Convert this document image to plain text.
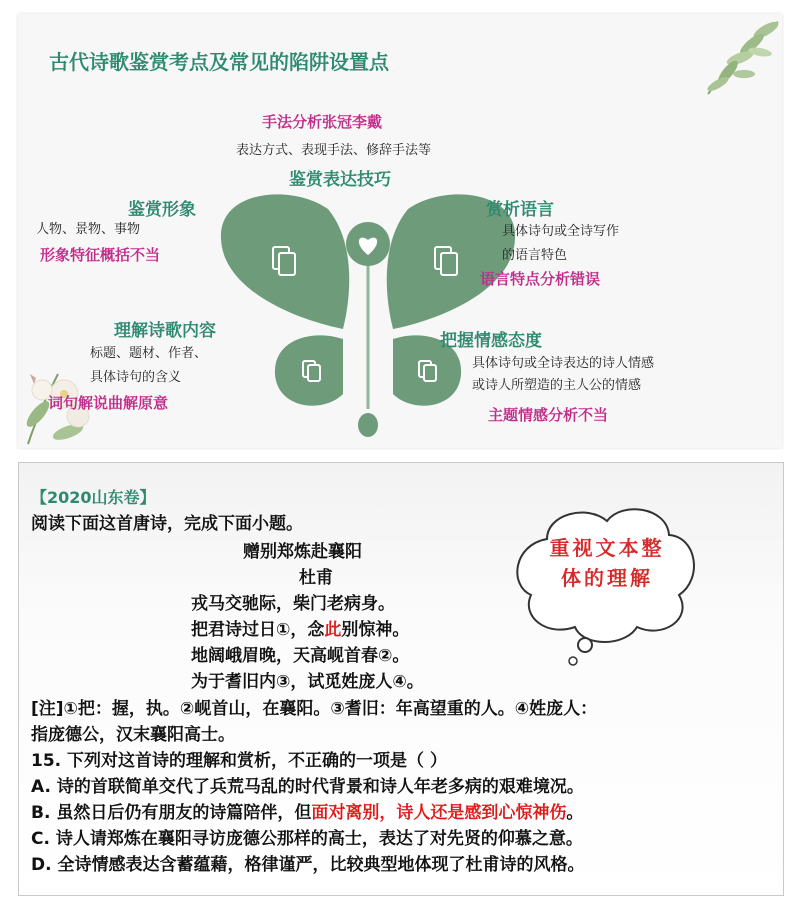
古代诗歌鉴赏考点及常见的陷阱设置点
手法分析张冠李戴
表达方式、表现手法、修辞手法等
鉴赏表达技巧
鉴赏形象
人物、景物、事物
形象特征概括不当
赏析语言
具体诗句或全诗写作
的语言特色
语言特点分析错误
理解诗歌内容
标题、题材、作者、
具体诗句的含义
词句解说曲解原意
把握情感态度
具体诗句或全诗表达的诗人情感
或诗人所塑造的主人公的情感
主题情感分析不当
【2020山东卷】
阅读下面这首唐诗，完成下面小题。
赠别郑炼赴襄阳
杜甫
戎马交驰际，柴门老病身。
把君诗过日①，念此别惊神。
地阔峨眉晚，天高岘首春②。
为于耆旧内③，试觅姓庞人④。
[注]①把：握，执。②岘首山，在襄阳。③耆旧：年高望重的人。④姓庞人：
指庞德公，汉末襄阳高士。
15. 下列对这首诗的理解和赏析，不正确的一项是（ ）
A. 诗的首联简单交代了兵荒马乱的时代背景和诗人年老多病的艰难境况。
B. 虽然日后仍有朋友的诗篇陪伴，但面对离别，诗人还是感到心惊神伤。
C. 诗人请郑炼在襄阳寻访庞德公那样的高士，表达了对先贤的仰慕之意。
D. 全诗情感表达含蓄蕴藉，格律谨严，比较典型地体现了杜甫诗的风格。
重视文本整体的理解
